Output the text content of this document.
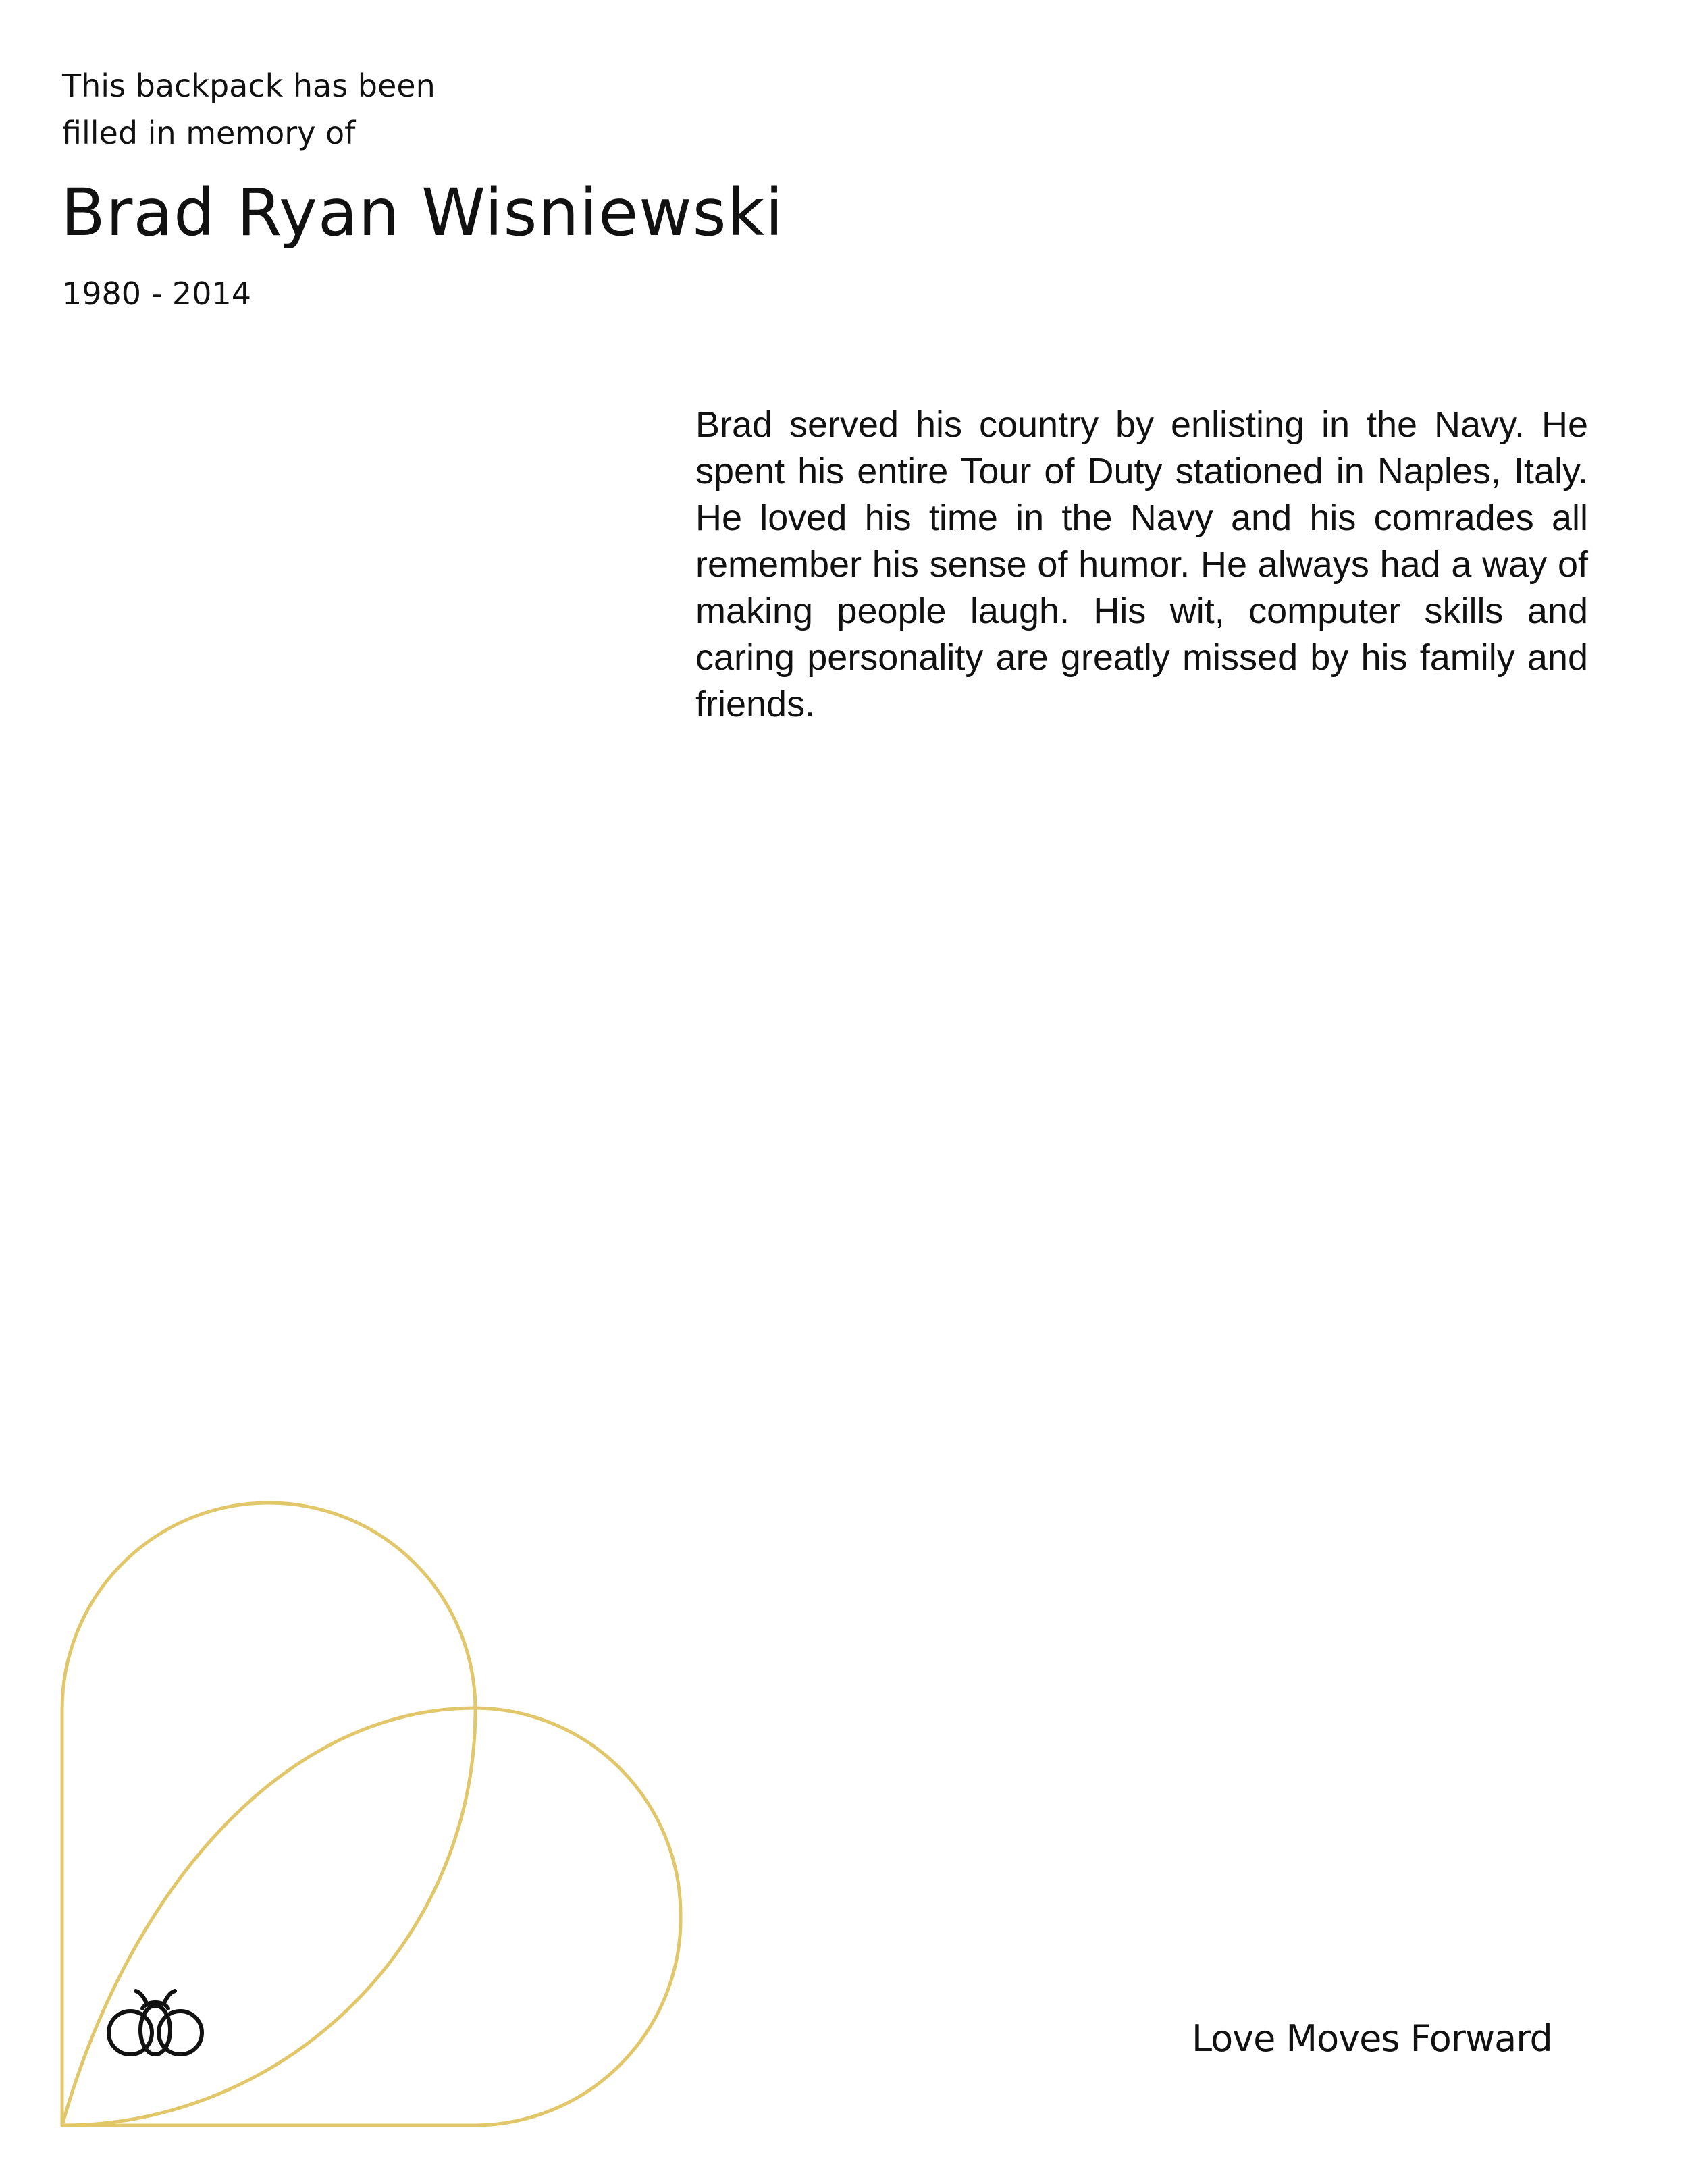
This backpack has been
filled in memory of

Brad Ryan Wisniewski

1980 - 2014

Brad served his country by enlisting in the Navy. He spent his entire Tour of Duty stationed in Naples, Italy. He loved his time in the Navy and his comrades all remember his sense of humor. He always had a way of making people laugh. His wit, computer skills and caring personality are greatly missed by his family and friends.

Love Moves Forward
